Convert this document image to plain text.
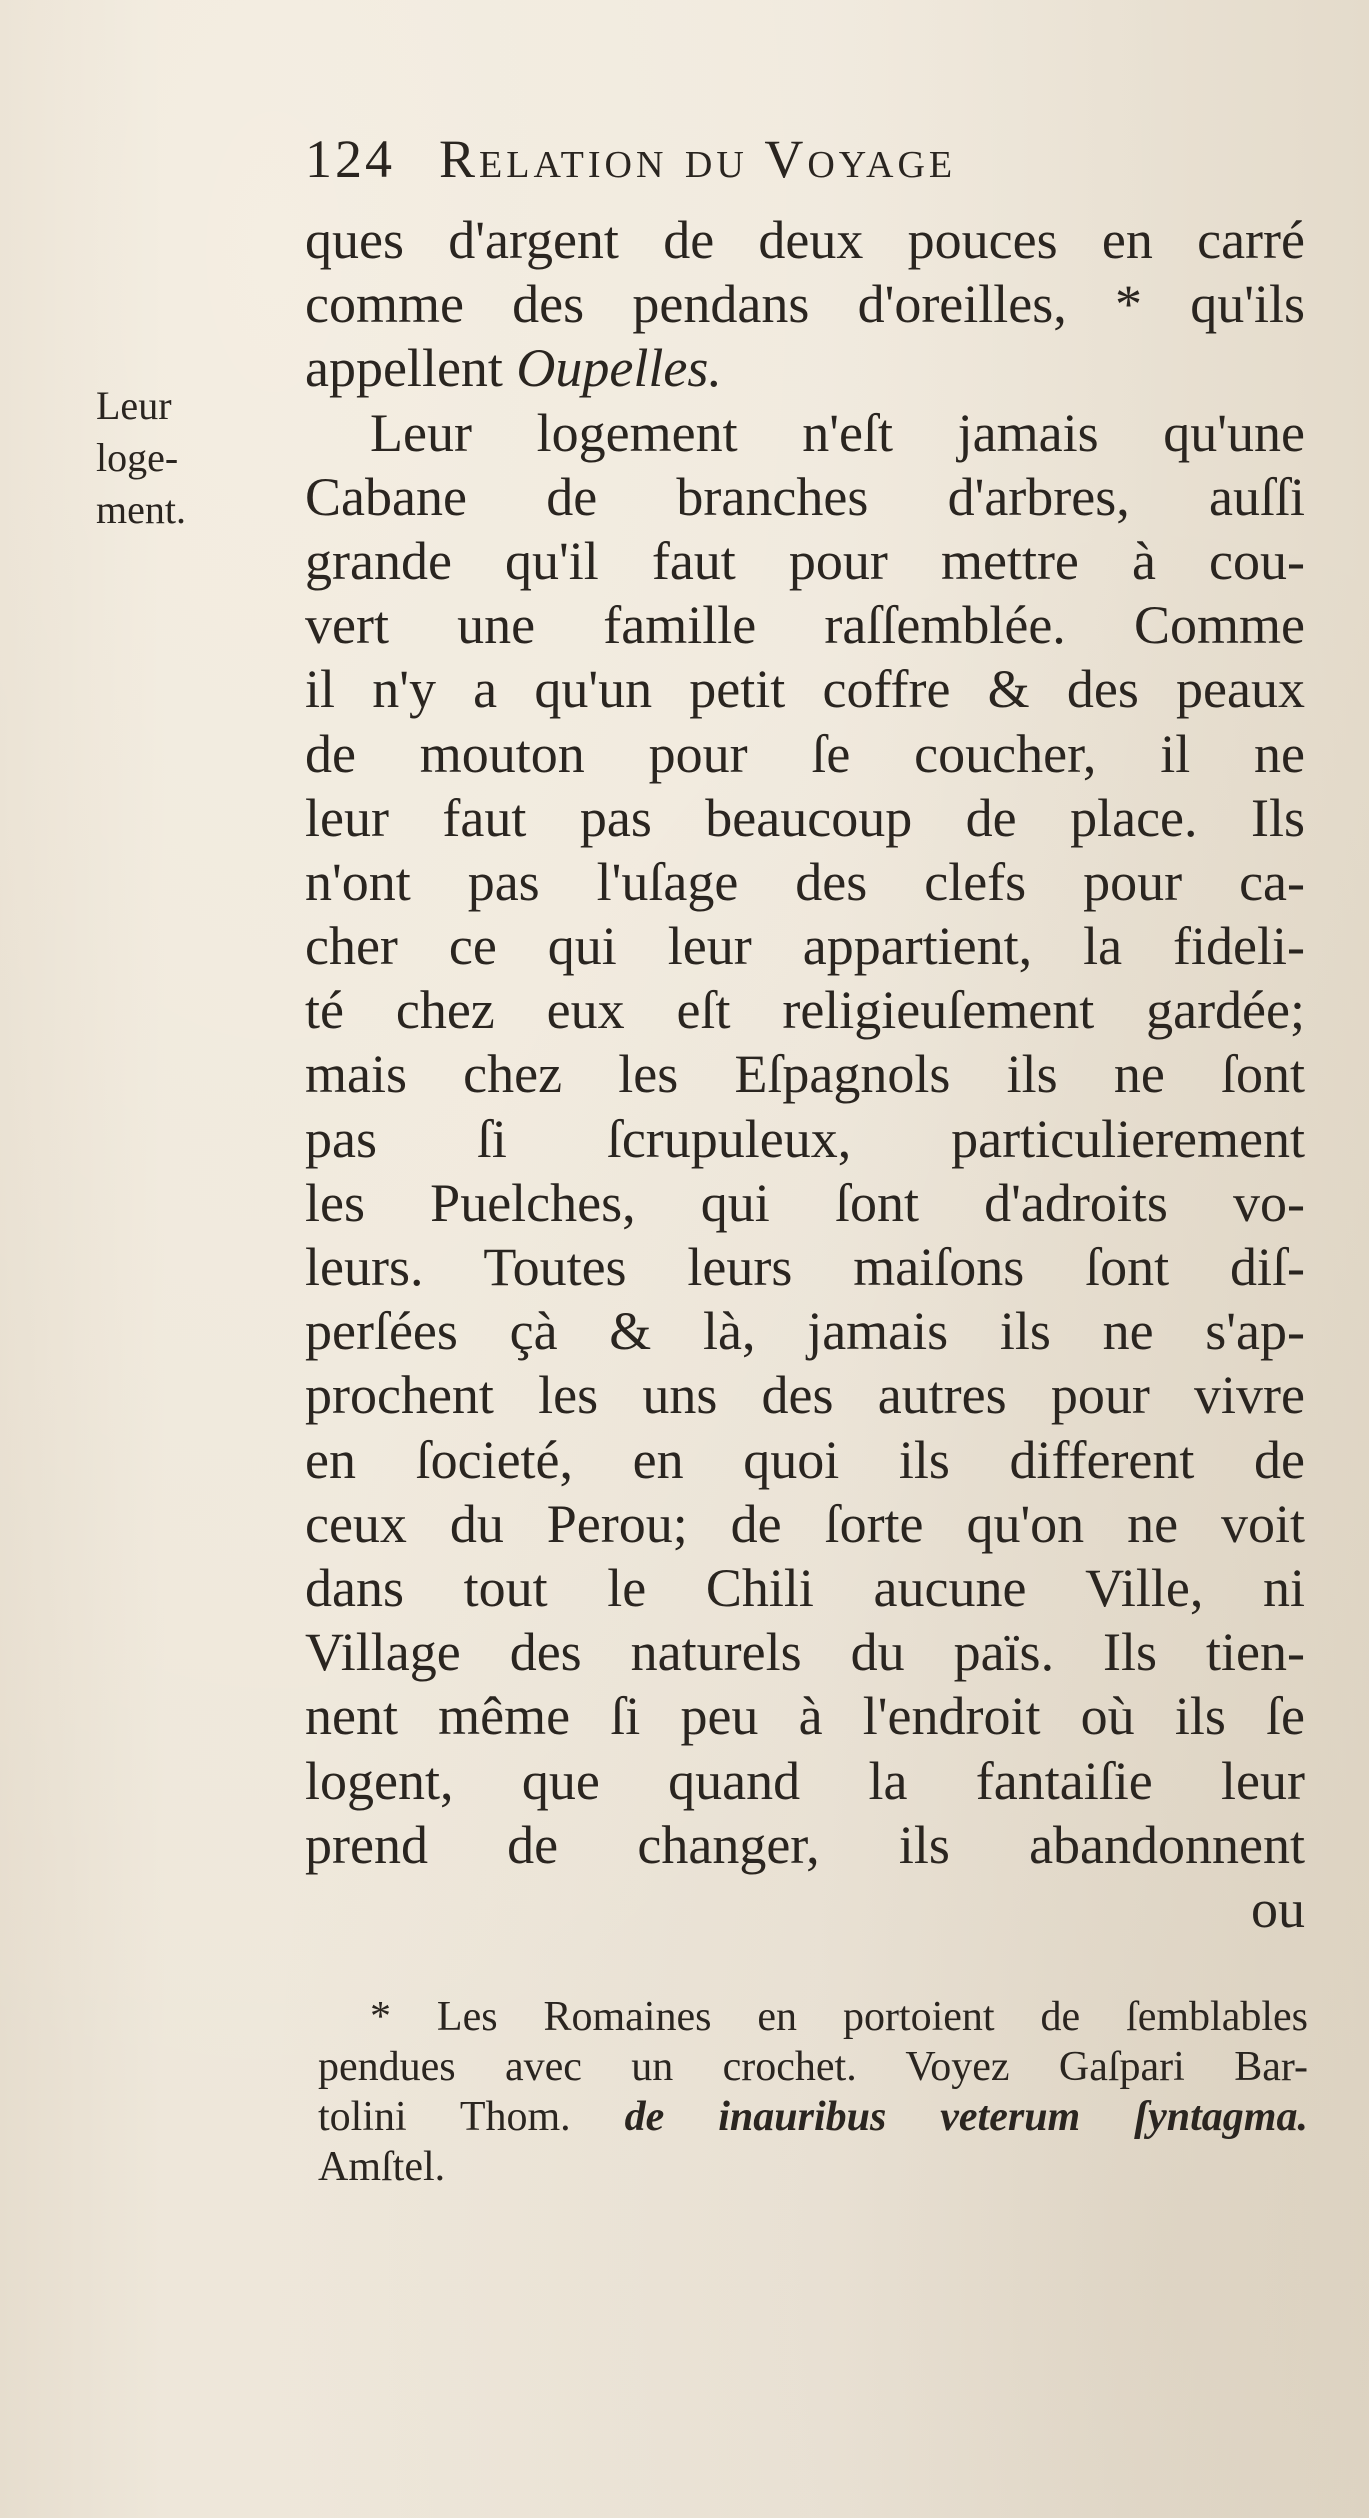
124 Relation du Voyage
Leur
loge-
ment.
ques d'argent de deux pouces en carré
comme des pendans d'oreilles, * qu'ils
appellent Oupelles.
Leur logement n'eſt jamais qu'une
Cabane de branches d'arbres, auſſi
grande qu'il faut pour mettre à cou-
vert une famille raſſemblée. Comme
il n'y a qu'un petit coffre & des peaux
de mouton pour ſe coucher, il ne
leur faut pas beaucoup de place. Ils
n'ont pas l'uſage des clefs pour ca-
cher ce qui leur appartient, la fideli-
té chez eux eſt religieuſement gardée;
mais chez les Eſpagnols ils ne ſont
pas ſi ſcrupuleux, particulierement
les Puelches, qui ſont d'adroits vo-
leurs. Toutes leurs maiſons ſont diſ-
perſées çà & là, jamais ils ne s'ap-
prochent les uns des autres pour vivre
en ſocieté, en quoi ils different de
ceux du Perou; de ſorte qu'on ne voit
dans tout le Chili aucune Ville, ni
Village des naturels du païs. Ils tien-
nent même ſi peu à l'endroit où ils ſe
logent, que quand la fantaiſie leur
prend de changer, ils abandonnent
ou
* Les Romaines en portoient de ſemblables
pendues avec un crochet. Voyez Gaſpari Bar-
tolini Thom. de inauribus veterum ſyntagma.
Amſtel.
